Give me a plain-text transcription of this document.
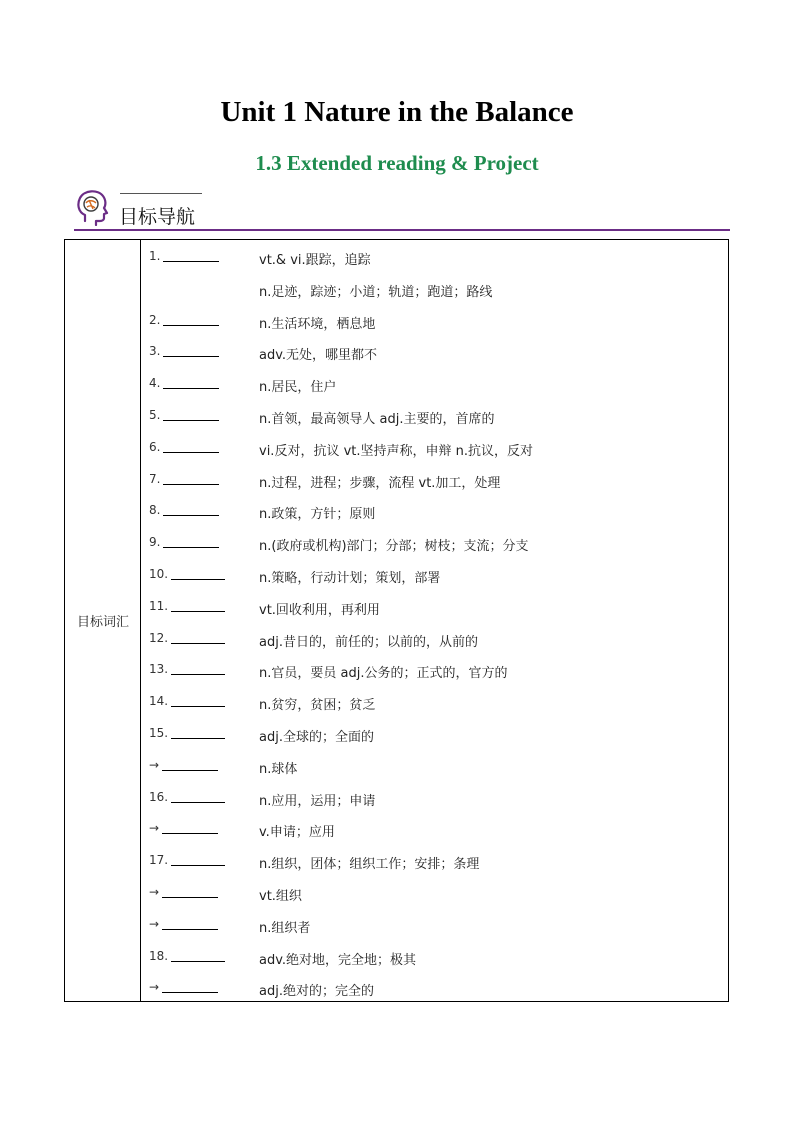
Unit 1 Nature in the Balance
1.3 Extended reading & Project
目标导航
目标词汇
1.	vt.& vi.跟踪，追踪
n.足迹，踪迹；小道；轨道；跑道；路线
2.	n.生活环境，栖息地
3.	adv.无处，哪里都不
4.	n.居民，住户
5.	n.首领，最高领导人 adj.主要的，首席的
6.	vi.反对，抗议 vt.坚持声称，申辩 n.抗议，反对
7.	n.过程，进程；步骤，流程 vt.加工，处理
8.	n.政策，方针；原则
9.	n.(政府或机构)部门；分部；树枝；支流；分支
10.	n.策略，行动计划；策划，部署
11.	vt.回收利用，再利用
12.	adj.昔日的，前任的；以前的，从前的
13.	n.官员，要员 adj.公务的；正式的，官方的
14.	n.贫穷，贫困；贫乏
15.	adj.全球的；全面的
→	n.球体
16.	n.应用，运用；申请
→	v.申请；应用
17.	n.组织，团体；组织工作；安排；条理
→	vt.组织
→	n.组织者
18.	adv.绝对地，完全地；极其
→	adj.绝对的；完全的
